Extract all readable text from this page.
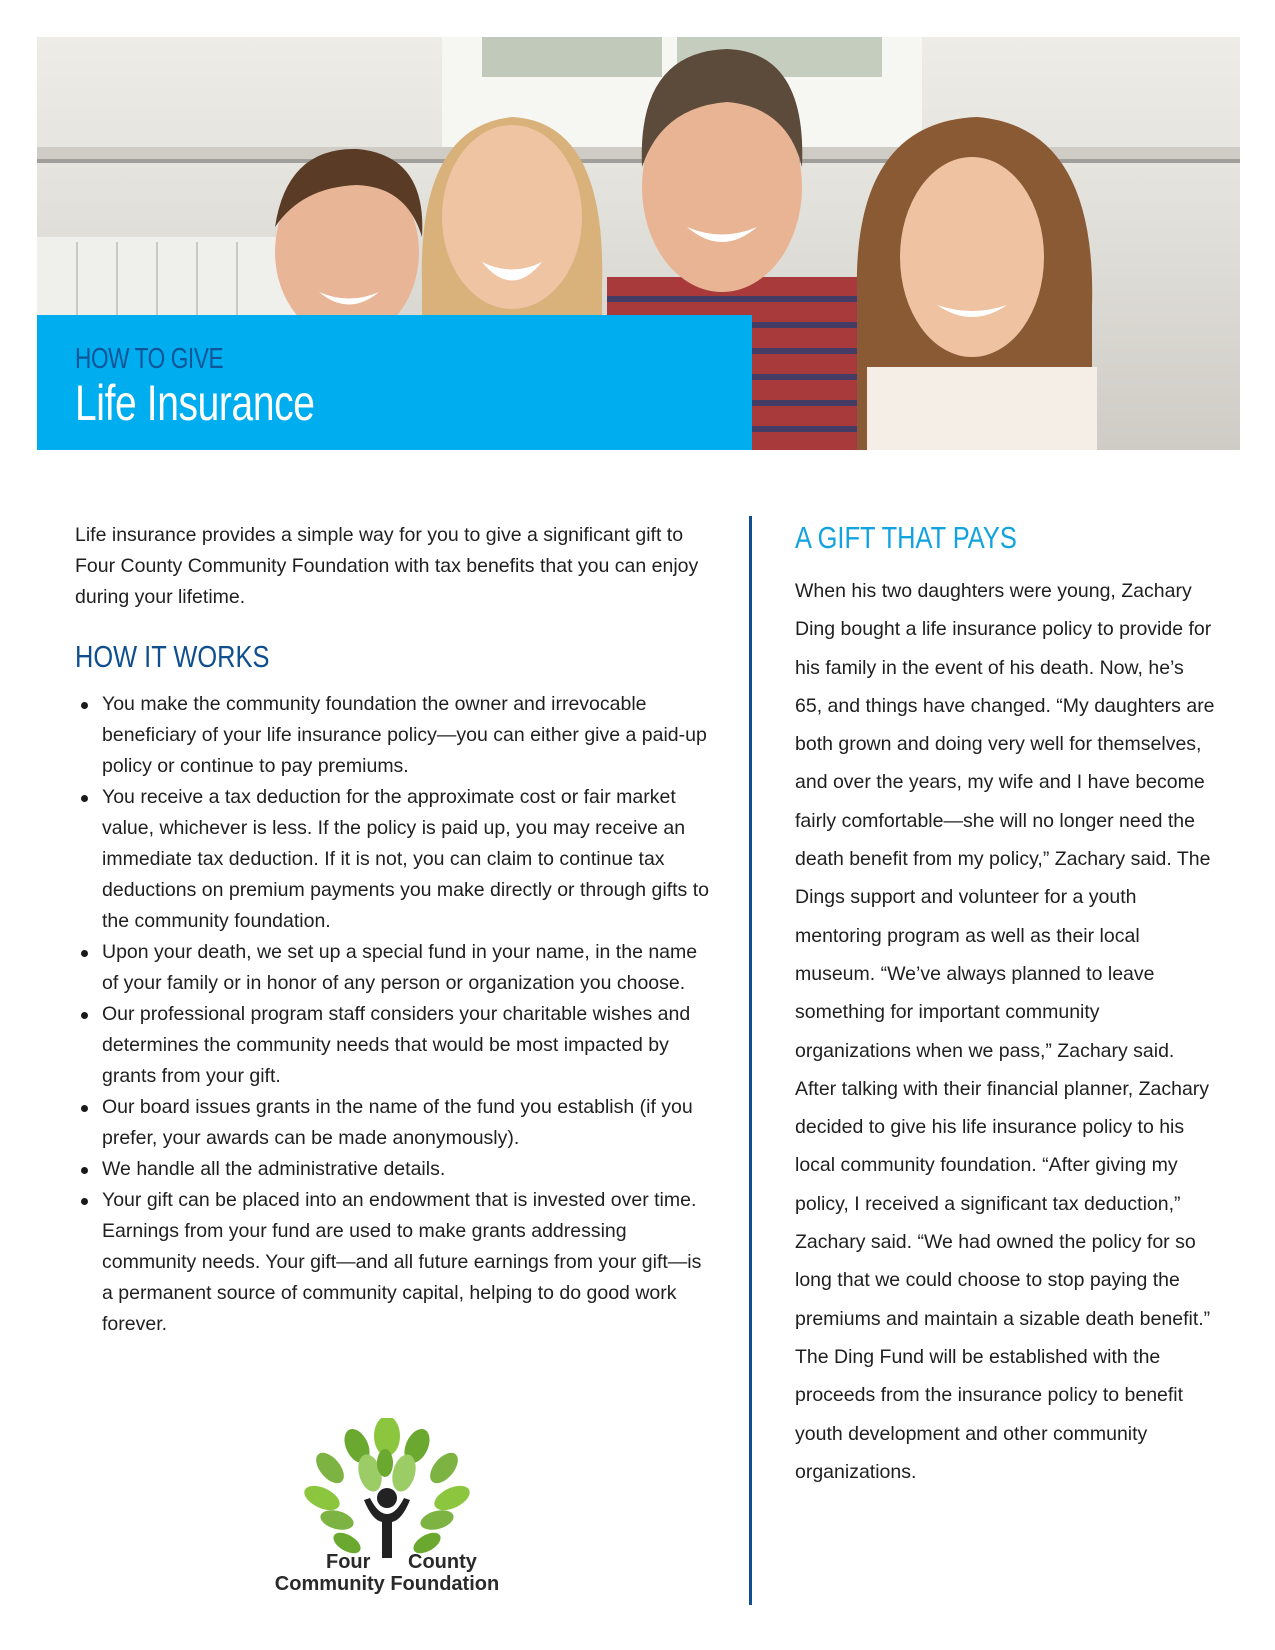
HOW TO GIVE
Life Insurance

Life insurance provides a simple way for you to give a significant gift to Four County Community Foundation with tax benefits that you can enjoy during your lifetime.

HOW IT WORKS
You make the community foundation the owner and irrevocable beneficiary of your life insurance policy—you can either give a paid-up policy or continue to pay premiums.
You receive a tax deduction for the approximate cost or fair market value, whichever is less. If the policy is paid up, you may receive an immediate tax deduction. If it is not, you can claim to continue tax deductions on premium payments you make directly or through gifts to the community foundation.
Upon your death, we set up a special fund in your name, in the name of your family or in honor of any person or organization you choose.
Our professional program staff considers your charitable wishes and determines the community needs that would be most impacted by grants from your gift.
Our board issues grants in the name of the fund you establish (if you prefer, your awards can be made anonymously).
We handle all the administrative details.
Your gift can be placed into an endowment that is invested over time. Earnings from your fund are used to make grants addressing community needs. Your gift—and all future earnings from your gift—is a permanent source of community capital, helping to do good work forever.
A GIFT THAT PAYS

When his two daughters were young, Zachary Ding bought a life insurance policy to provide for his family in the event of his death. Now, he’s 65, and things have changed. “My daughters are both grown and doing very well for themselves, and over the years, my wife and I have become fairly comfortable—she will no longer need the death benefit from my policy,” Zachary said. The Dings support and volunteer for a youth mentoring program as well as their local museum. “We’ve always planned to leave something for important community organizations when we pass,” Zachary said. After talking with their financial planner, Zachary decided to give his life insurance policy to his local community foundation. “After giving my policy, I received a significant tax deduction,” Zachary said. “We had owned the policy for so long that we could choose to stop paying the premiums and maintain a sizable death benefit.” The Ding Fund will be established with the proceeds from the insurance policy to benefit youth development and other community organizations.

Four County
Community Foundation
